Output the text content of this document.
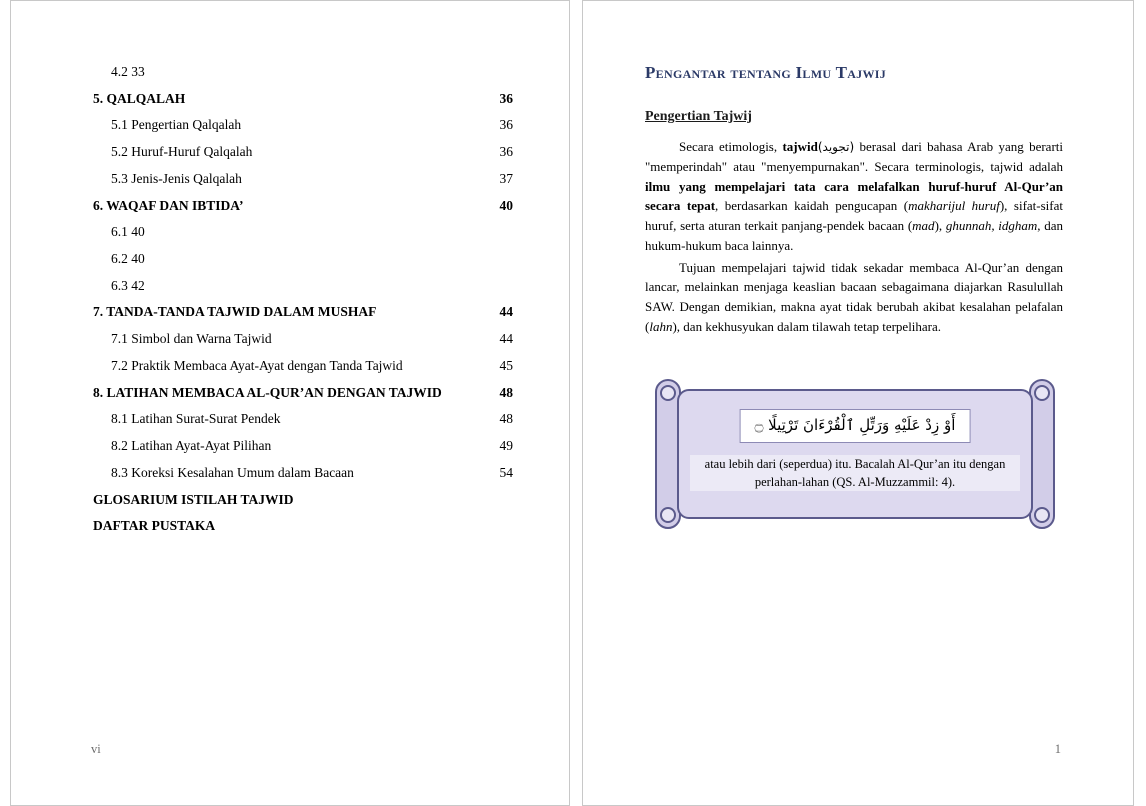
4.2 33
5. QALQALAH	36
5.1 Pengertian Qalqalah	36
5.2 Huruf-Huruf Qalqalah	36
5.3 Jenis-Jenis Qalqalah	37
6. WAQAF DAN IBTIDA’	40
6.1 40
6.2 40
6.3 42
7. TANDA-TANDA TAJWID DALAM MUSHAF	44
7.1 Simbol dan Warna Tajwid	44
7.2 Praktik Membaca Ayat-Ayat dengan Tanda Tajwid	45
8. LATIHAN MEMBACA AL-QUR’AN DENGAN TAJWID	48
8.1 Latihan Surat-Surat Pendek	48
8.2 Latihan Ayat-Ayat Pilihan	49
8.3 Koreksi Kesalahan Umum dalam Bacaan	54
GLOSARIUM ISTILAH TAJWID
DAFTAR PUSTAKA
vi
Pengantar tentang Ilmu Tajwij
Pengertian Tajwij

Secara etimologis, tajwid(تجويد) berasal dari bahasa Arab yang berarti "memperindah" atau "menyempurnakan". Secara terminologis, tajwid adalah ilmu yang mempelajari tata cara melafalkan huruf-huruf Al-Qur’an secara tepat, berdasarkan kaidah pengucapan (makharijul huruf), sifat-sifat huruf, serta aturan terkait panjang-pendek bacaan (mad), ghunnah, idgham, dan hukum-hukum baca lainnya.

Tujuan mempelajari tajwid tidak sekadar membaca Al-Qur’an dengan lancar, melainkan menjaga keaslian bacaan sebagaimana diajarkan Rasulullah SAW. Dengan demikian, makna ayat tidak berubah akibat kesalahan pelafalan (lahn), dan kekhusyukan dalam tilawah tetap terpelihara.

أَوْ زِدْ عَلَيْهِ وَرَتِّلِ ٱلْقُرْءَانَ تَرْتِيلًا ۝
atau lebih dari (seperdua) itu. Bacalah Al-Qur’an itu dengan perlahan-lahan (QS. Al-Muzzammil: 4).
1
